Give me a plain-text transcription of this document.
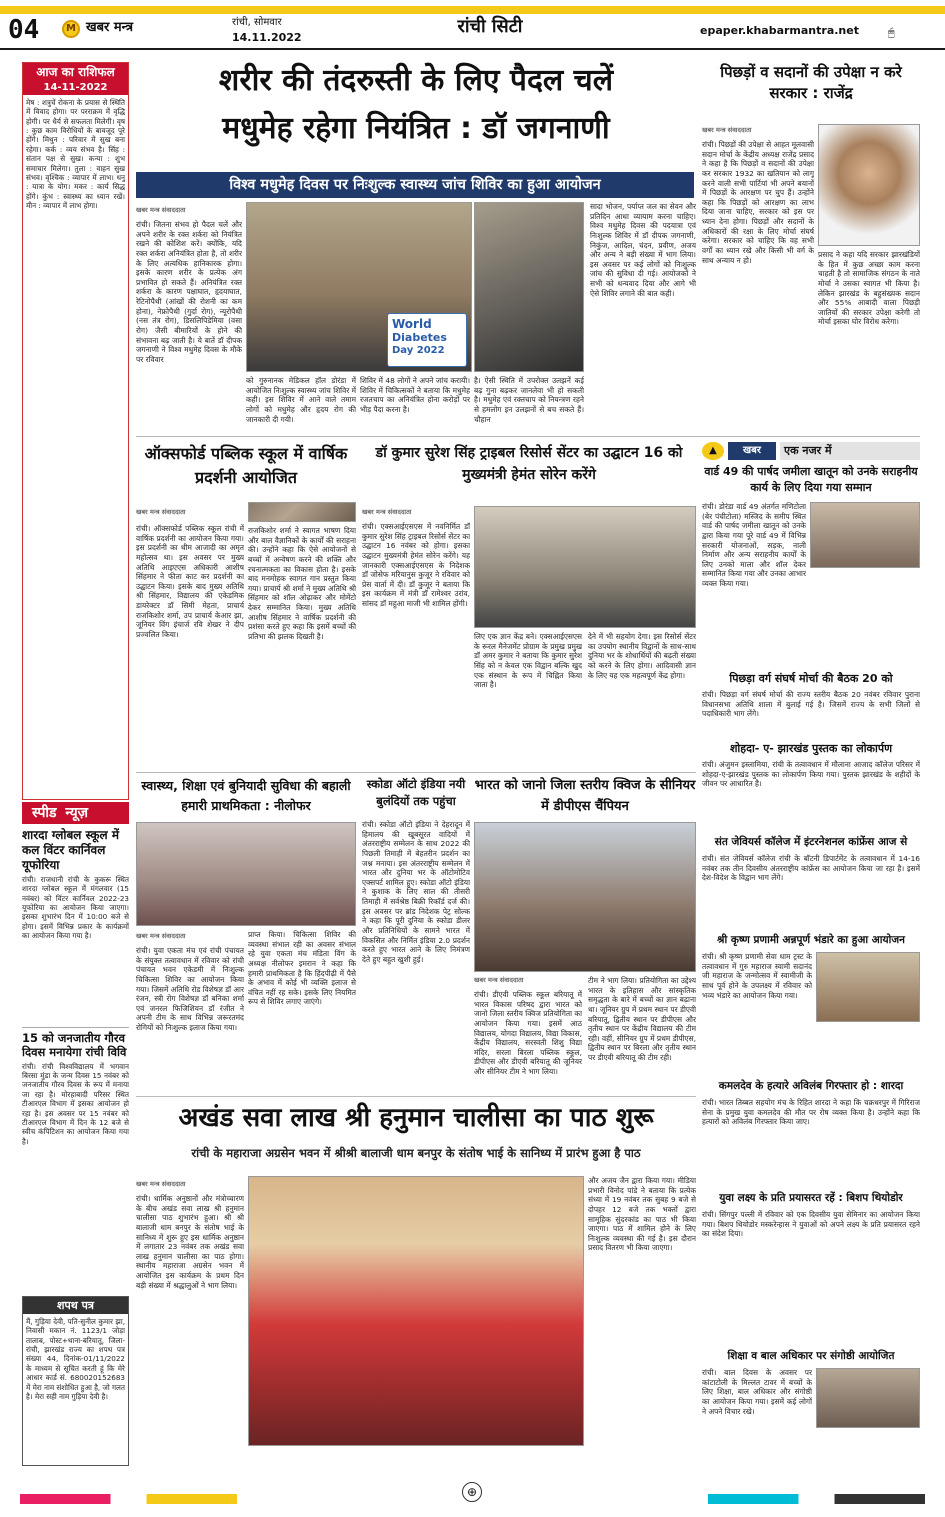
04	M खबर मन्त्र	रांची, सोमवार
14.11.2022
रांची सिटी	epaper.khabarmantra.net	🖱
आज का राशिफल
14-11-2022
मेष : शत्रुचें रोकना के प्रयास से स्थिति में विवाद होगा। पर परराक्रम में वृद्धि होगी। पर धैर्य से सफलता मिलेगी। वृष : कुछ काम विरोधियों के बावजूद पूरे होंगे। मिथुन : परिवार में सुख बना रहेगा। कर्क : व्यय संभव है। सिंह : संतान पक्ष से सुख। कन्या : शुभ समाचार मिलेगा। तुला : वाहन सुख संभव। वृश्चिक : व्यापार में लाभ। धनु : यात्रा के योग। मकर : कार्य सिद्ध होंगे। कुंभ : स्वास्थ्य का ध्यान रखें। मीन : व्यापार में लाभ होगा।
स्पीड न्यूज़
शारदा ग्लोबल स्कूल में कल विंटर कार्निवल यूफोरिया
रांची। राजधानी रांची के कुकरू स्थित शारदा ग्लोबल स्कूल में मंगलवार (15 नवंबर) को विंटर कार्निवल 2022-23 यूफोरिया का आयोजन किया जाएगा। इसका शुभारंभ दिन में 10:00 बजे से होगा। इसमें विभिन्न प्रकार के कार्यक्रमों का आयोजन किया गया है।
15 को जनजातीय गौरव दिवस मनायेगा रांची विवि
रांची। रांची विश्वविद्यालय में भगवान बिरसा मुंडा के जन्म दिवस 15 नवंबर को जनजातीय गौरव दिवस के रूप में मनाया जा रहा है। मोरहाबादी परिसर स्थित टीआरएल विभाग में इसका आयोजन हो रहा है। इस अवसर पर 15 नवंबर को टीआरएल विभाग में दिन के 12 बजे से स्वीच कंपिटिशन का आयोजन किया गया है।
शपथ पत्र
मैं, गुड़िया देवी, पति-सुनील कुमार झा, निवासी मकान नं. 1123/1 जोड़ा तालाब, पोस्ट+थाना-बरियातू, जिला-रांची, झारखंड राज्य का शपथ पत्र संख्या 44, दिनांक-01/11/2022 के माध्यम से सूचित करती हूं कि मेरे आधार कार्ड सं. 680020152683 में मेरा नाम संशोधित हुआ है, जो गलत है। मेरा सही नाम गुड़िया देवी है।
शरीर की तंदरुस्ती के लिए पैदल चलें
मधुमेह रहेगा नियंत्रित : डॉ जगनाणी
विश्व मधुमेह दिवस पर निःशुल्क स्वास्थ्य जांच शिविर का हुआ आयोजन
खबर मन्त्र संवाददाता
रांची। जितना संभव हो पैदल चलें और अपने शरीर के रक्त शर्करा को नियंत्रित रखने की कोशिश करें। क्योंकि, यदि रक्त शर्करा अनियंत्रित होता है, तो शरीर के लिए अत्यधिक हानिकारक होगा। इसके कारण शरीर के प्रत्येक अंग प्रभावित हो सकते हैं। अनियंत्रित रक्त शर्करा के कारण पक्षाघात, हृदयाघात, रेटिनोपैथी (आंखों की रोशनी का कम होना), नेफ्रोपैथी (गुर्दा रोग), न्यूरोपैथी (नस तंत्र रोग), डिसलिपिडेमिया (वसा रोग) जैसी बीमारियों के होने की संभावना बढ़ जाती है। ये बातें डॉ दीपक जगनाणी ने विश्व मधुमेह दिवस के मौके पर रविवार
World
Diabetes
Day 2022
को गुरुनानक मेडिकल हॉल डोरंडा में आयोजित निःशुल्क स्वास्थ्य जांच शिविर में कही। इस शिविर में आने वाले तमाम लोगों को मधुमेह और हृदय रोग की जानकारी दी गयी।
शिविर में 48 लोगों ने अपने जांच करायी। शिविर में चिकित्सकों ने बताया कि मधुमेह रजतचाप का अनियंत्रित होना करोड़ों पर भीड़ पैदा करना है।
है। ऐसी स्थिति में उपरोक्त उलझनें कई बढ़ गुना बढ़कर जानलेवा भी हो सकती है। मधुमेह एवं रक्तचाप को नियन्त्रण रहने से हमलोग इन उलझनों से बच सकते हैं। चौहान
सादा भोजन, पर्याप्त जल का सेवन और प्रतिदिन आधा व्यायाम करना चाहिए। विश्व मधुमेह दिवस की पदयात्रा एवं निःशुल्क शिविर में डॉ दीपक जगनाणी, निकुंज, आदिल, चंदन, प्रवीण, अजय और अन्य ने बड़ी संख्या में भाग लिया। इस अवसर पर कई लोगों को निःशुल्क जांच की सुविधा दी गई। आयोजकों ने सभी को धन्यवाद दिया और आगे भी ऐसे शिविर लगाने की बात कही।
पिछड़ों व सदानों की उपेक्षा न करे सरकार : राजेंद्र
खबर मन्त्र संवाददाता
रांची। पिछड़ों की उपेक्षा से आहत मूलवासी सदान मोर्चा के केंद्रीय अध्यक्ष राजेंद्र प्रसाद ने कहा है कि पिछड़ों व सदानों की उपेक्षा कर सरकार 1932 का खतियान को लागू करने वाली सभी पार्टियां भी अपने बयानों में पिछड़ों के आरक्षण पर चुप हैं। उन्होंने कहा कि पिछड़ों को आरक्षण का लाभ दिया जाना चाहिए, सरकार को इस पर ध्यान देना होगा। पिछड़ों और सदानों के अधिकारों की रक्षा के लिए मोर्चा संघर्ष करेगा। सरकार को चाहिए कि वह सभी वर्गों का ध्यान रखे और किसी भी वर्ग के साथ अन्याय न हो।
प्रसाद ने कहा यदि सरकार झारखंडियों के हित में कुछ अच्छा काम करना चाहती है तो सामाजिक संगठन के नाते मोर्चा ने उसका स्वागत भी किया है। लेकिन झारखंड के बहुसंख्यक सदान और 55% आबादी वाला पिछड़ी जातियों की सरकार उपेक्षा करेगी तो मोर्चा इसका घोर विरोध करेगा।
ऑक्सफोर्ड पब्लिक स्कूल में वार्षिक प्रदर्शनी आयोजित
खबर मन्त्र संवाददाता
रांची। ऑक्सफोर्ड पब्लिक स्कूल रांची में वार्षिक प्रदर्शनी का आयोजन किया गया। इस प्रदर्शनी का थीम आजादी का अमृत महोत्सव था। इस अवसर पर मुख्य अतिथि आइएएस अधिकारी आशीष सिंहमार ने फीता काट कर प्रदर्शनी का उद्घाटन किया। इसके बाद मुख्य अतिथि श्री सिंहमार, विद्यालय की एकेडमिक डायरेक्टर डॉ सिमी मेहता, प्राचार्य राजकिशोर शर्मा, उप प्राचार्य केआर झा, जूनियर विंग इंचार्ज रवि शेखर ने दीप प्रज्वलित किया।
राजकिशोर शर्मा ने स्वागत भाषण दिया और बाल वैज्ञानिकों के कार्यों की सराहना की। उन्होंने कहा कि ऐसे आयोजनों से बच्चों में अन्वेषण करने की शक्ति और रचनात्मकता का विकास होता है। इसके बाद मनमोहक स्वागत गान प्रस्तुत किया गया। प्राचार्य श्री शर्मा ने मुख्य अतिथि श्री सिंहमार को शॉल ओढ़ाकर और मोमेंटो देकर सम्मानित किया। मुख्य अतिथि आशीष सिंहमार ने वार्षिक प्रदर्शनी की प्रशंसा करते हुए कहा कि इसमें बच्चों की प्रतिभा की झलक दिखती है।
डॉ कुमार सुरेश सिंह ट्राइबल रिसोर्स सेंटर का उद्घाटन 16 को मुख्यमंत्री हेमंत सोरेन करेंगे
खबर मन्त्र संवाददाता
रांची। एक्सआईएसएस में नवनिर्मित डॉ कुमार सुरेश सिंह ट्राइबल रिसोर्स सेंटर का उद्घाटन 16 नवंबर को होगा। इसका उद्घाटन मुख्यमंत्री हेमंत सोरेन करेंगे। यह जानकारी एक्सआईएसएस के निदेशक डॉ जोसेफ मरियानुस कुजूर ने रविवार को प्रेस वार्ता में दी। डॉ कुजूर ने बताया कि इस कार्यक्रम में मंत्री डॉ रामेश्वर उरांव, सांसद डॉ महुआ माजी भी शामिल होंगी।
लिए एक ज्ञान केंद्र बने। एक्सआईएसएस के रूरल मैनेजमेंट प्रोग्राम के प्रमुख प्रमुख डॉ अमर कुमार ने बताया कि कुमार सुरेश सिंह को न केवल एक विद्वान बल्कि खुद एक संस्थान के रूप में चिह्नित किया जाता है।
देने में भी सहयोग देगा। इस रिसोर्स सेंटर का उपयोग स्थानीय विद्वानों के साथ-साथ दुनिया भर के शोधार्थियों की बढ़ती संख्या को करने के लिए होगा। आदिवासी ज्ञान के लिए यह एक महत्वपूर्ण केंद्र होगा।
▲	खबर	एक नजर में
वार्ड 49 की पार्षद जमीला खातून को उनके सराहनीय कार्य के लिए दिया गया सम्मान
रांची। डोरंडा वार्ड 49 अंतर्गत मणिटोला (बेर पंचीटोला) मस्जिद के समीप स्थित वार्ड की पार्षद जमीला खातून को उनके द्वारा किया गया पूरे वार्ड 49 में विभिन्न सरकारी योजनाओं, सड़क, नाली निर्माण और अन्य सराहनीय कार्यों के लिए उनको माला और शॉल देकर सम्मानित किया गया और उनका आभार व्यक्त किया गया।
पिछड़ा वर्ग संघर्ष मोर्चा की बैठक 20 को
रांची। पिछड़ा वर्ग संघर्ष मोर्चा की राज्य स्तरीय बैठक 20 नवंबर रविवार पुराना विधानसभा अतिथि शाला में बुलाई गई है। जिसमें राज्य के सभी जिलों से पदाधिकारी भाग लेंगे।
शोहदा- ए- झारखंड पुस्तक का लोकार्पण
रांची। अंजुमन इस्लामिया, रांची के तत्वावधान में मौलाना आजाद कॉलेज परिसर में शोहदा-ए-झारखंड पुस्तक का लोकार्पण किया गया। पुस्तक झारखंड के शहीदों के जीवन पर आधारित है।
संत जेवियर्स कॉलेज में इंटरनेशनल कांफ्रेंस आज से
रांची। संत जेवियर्स कॉलेज रांची के बॉटनी डिपार्टमेंट के तत्वावधान में 14-16 नवंबर तक तीन दिवसीय अंतरराष्ट्रीय कांफ्रेंस का आयोजन किया जा रहा है। इसमें देश-विदेश के विद्वान भाग लेंगे।
श्री कृष्ण प्रणामी अन्नपूर्ण भंडारे का हुआ आयोजन
रांची। श्री कृष्ण प्रणामी सेवा धाम ट्रस्ट के तत्वावधान में गुरु महाराज स्वामी सदानंद जी महाराज के जन्मोत्सव में स्वामीजी के साथ पूर्व होने के उपलक्ष्य में रविवार को भव्य भंडारे का आयोजन किया गया।
कमलदेव के हत्यारे अविलंब गिरफ्तार हो : शारदा
रांची। भारत तिब्बत सहयोग मंच के रिहित शारदा ने कहा कि चक्रधरपुर में गिरिराज सेना के प्रमुख युवा कमलदेव की मौत पर रोष व्यक्त किया है। उन्होंने कहा कि हत्यारों को अविलंब गिरफ्तार किया जाए।
युवा लक्ष्य के प्रति प्रयासरत रहें : बिशप थियोडोर
रांची। सिंगपुर पल्ली में रविवार को एक दिवसीय युवा सेमिनार का आयोजन किया गया। बिशप थियोडोर मस्करेन्हास ने युवाओं को अपने लक्ष्य के प्रति प्रयासरत रहने का संदेश दिया।
शिक्षा व बाल अधिकार पर संगोष्ठी आयोजित
रांची। बाल दिवस के अवसर पर कांटाटोली के मिल्लत टावर में बच्चों के लिए शिक्षा, बाल अधिकार और संगोष्ठी का आयोजन किया गया। इसमें कई लोगों ने अपने विचार रखे।
स्वास्थ्य, शिक्षा एवं बुनियादी सुविधा की बहाली हमारी प्राथमिकता : नीलोफर
खबर मन्त्र संवाददाता
रांची। युवा एकता मंच एवं रांची पंचायत के संयुक्त तत्वावधान में रविवार को रांची पंचायत भवन एकेडमी में निःशुल्क चिकित्सा शिविर का आयोजन किया गया। जिसमें अतिथि रोड विशेषज्ञ डॉ आर रंजन, स्त्री रोग विशेषज्ञ डॉ बनिका शर्मा एवं जनरल फिजिशियन डॉ रंजीत ने अपनी टीम के साथ विभिन्न जरूरतमंद रोगियों को निःशुल्क इलाज किया गया।
प्राप्त किया। चिकित्सा शिविर की व्यवस्था संभाल रही का अवसर संभाल रहे युवा एकता मंच मंडिता विंग के अध्यक्ष नीलोफर इमरान ने कहा कि हमारी प्राथमिकता है कि हिंदपीढ़ी में पैसे के अभाव में कोई भी व्यक्ति इलाज से वंचित नहीं रह सके। इसके लिए नियमित रूप से शिविर लगाए जाएंगे।
स्कोडा ऑटो इंडिया नयी बुलंदियों तक पहुंचा
रांची। स्कोडा ऑटो इंडिया ने देहरादून में हिमालय की खूबसूरत वादियों में अंतरराष्ट्रीय सम्मेलन के साथ 2022 की पिछली तिमाही में बेहतरीन प्रदर्शन का जश्न मनाया। इस अंतरराष्ट्रीय सम्मेलन में भारत और दुनिया भर के ऑटोमोटिव एक्सपर्ट शामिल हुए। स्कोडा ऑटो इंडिया ने कुशाक के लिए साल की तीसरी तिमाही में सर्वश्रेष्ठ बिक्री रिकॉर्ड दर्ज की। इस अवसर पर ब्रांड निदेशक पेट्र सोल्क ने कहा कि पूरी दुनिया के स्कोडा डीलर और प्रतिनिधियों के सामने भारत में विकसित और निर्मित इंडिया 2.0 प्रदर्शन करते हुए भारत आने के लिए निमंत्रण देते हुए बहुत खुशी हुई।
भारत को जानो जिला स्तरीय क्विज के सीनियर में डीपीएस चैंपियन
खबर मन्त्र संवाददाता
रांची। डीएवी पब्लिक स्कूल बरियातू में भारत विकास परिषद द्वारा भारत को जानो जिला स्तरीय क्विज प्रतियोगिता का आयोजन किया गया। इसमें आठ विद्यालय, योगदा विद्यालय, विद्या विकास, केंद्रीय विद्यालय, सरस्वती शिशु विद्या मंदिर, सरला बिरला पब्लिक स्कूल, डीपीएस और डीएवी बरियातू की जूनियर और सीनियर टीम ने भाग लिया।
टीम ने भाग लिया। प्रतियोगिता का उद्देश्य भारत के इतिहास और सांस्कृतिक समृद्धता के बारे में बच्चों का ज्ञान बढ़ाना था। जूनियर ग्रुप में प्रथम स्थान पर डीएवी बरियातू, द्वितीय स्थान पर डीपीएस और तृतीय स्थान पर केंद्रीय विद्यालय की टीम रही। वहीं, सीनियर ग्रुप में प्रथम डीपीएस, द्वितीय स्थान पर बिरला और तृतीय स्थान पर डीएवी बरियातू की टीम रही।
अखंड सवा लाख श्री हनुमान चालीसा का पाठ शुरू
रांची के महाराजा अग्रसेन भवन में श्रीश्री बालाजी धाम बनपुर के संतोष भाई के सानिध्य में प्रारंभ हुआ है पाठ
खबर मन्त्र संवाददाता
रांची। धार्मिक अनुष्ठानों और मंत्रोच्चारण के बीच अखंड सवा लाख श्री हनुमान चालीसा पाठ शुभारंभ हुआ। श्री श्री बालाजी धाम बनपुर के संतोष भाई के सानिध्य में शुरू हुए इस धार्मिक अनुष्ठान में लगातार 23 नवंबर तक अखंड सवा लाख हनुमान चालीसा का पाठ होगा। स्थानीय महाराजा अग्रसेन भवन में आयोजित इस कार्यक्रम के प्रथम दिन बड़ी संख्या में श्रद्धालुओं ने भाग लिया।
और अजय जैन द्वारा किया गया। मीडिया प्रभारी विनोद पांडे ने बताया कि प्रत्येक संध्या में 19 नवंबर तक सुबह 9 बजे से दोपहर 12 बजे तक भक्तों द्वारा सामूहिक सुंदरकांड का पाठ भी किया जाएगा। पाठ में शामिल होने के लिए निःशुल्क व्यवस्था की गई है। इस दौरान प्रसाद वितरण भी किया जाएगा।
⊕
